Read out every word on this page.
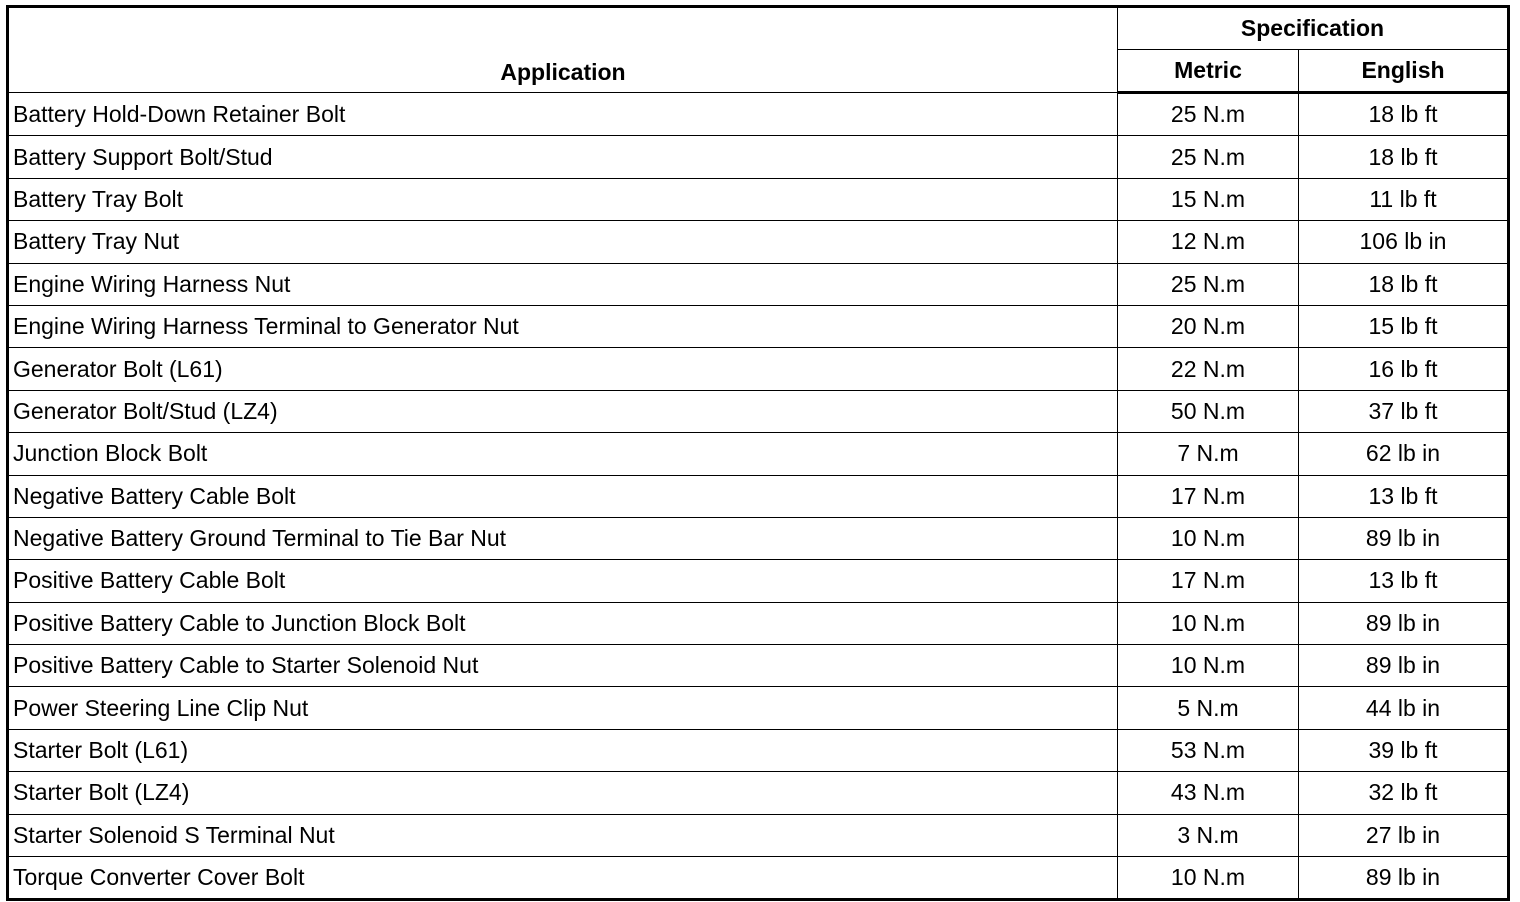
Application	Specification	
	Metric	English
Battery Hold-Down Retainer Bolt	25 N.m	18 lb ft
Battery Support Bolt/Stud	25 N.m	18 lb ft
Battery Tray Bolt	15 N.m	11 lb ft
Battery Tray Nut	12 N.m	106 lb in
Engine Wiring Harness Nut	25 N.m	18 lb ft
Engine Wiring Harness Terminal to Generator Nut	20 N.m	15 lb ft
Generator Bolt (L61)	22 N.m	16 lb ft
Generator Bolt/Stud (LZ4)	50 N.m	37 lb ft
Junction Block Bolt	7 N.m	62 lb in
Negative Battery Cable Bolt	17 N.m	13 lb ft
Negative Battery Ground Terminal to Tie Bar Nut	10 N.m	89 lb in
Positive Battery Cable Bolt	17 N.m	13 lb ft
Positive Battery Cable to Junction Block Bolt	10 N.m	89 lb in
Positive Battery Cable to Starter Solenoid Nut	10 N.m	89 lb in
Power Steering Line Clip Nut	5 N.m	44 lb in
Starter Bolt (L61)	53 N.m	39 lb ft
Starter Bolt (LZ4)	43 N.m	32 lb ft
Starter Solenoid S Terminal Nut	3 N.m	27 lb in
Torque Converter Cover Bolt	10 N.m	89 lb in
